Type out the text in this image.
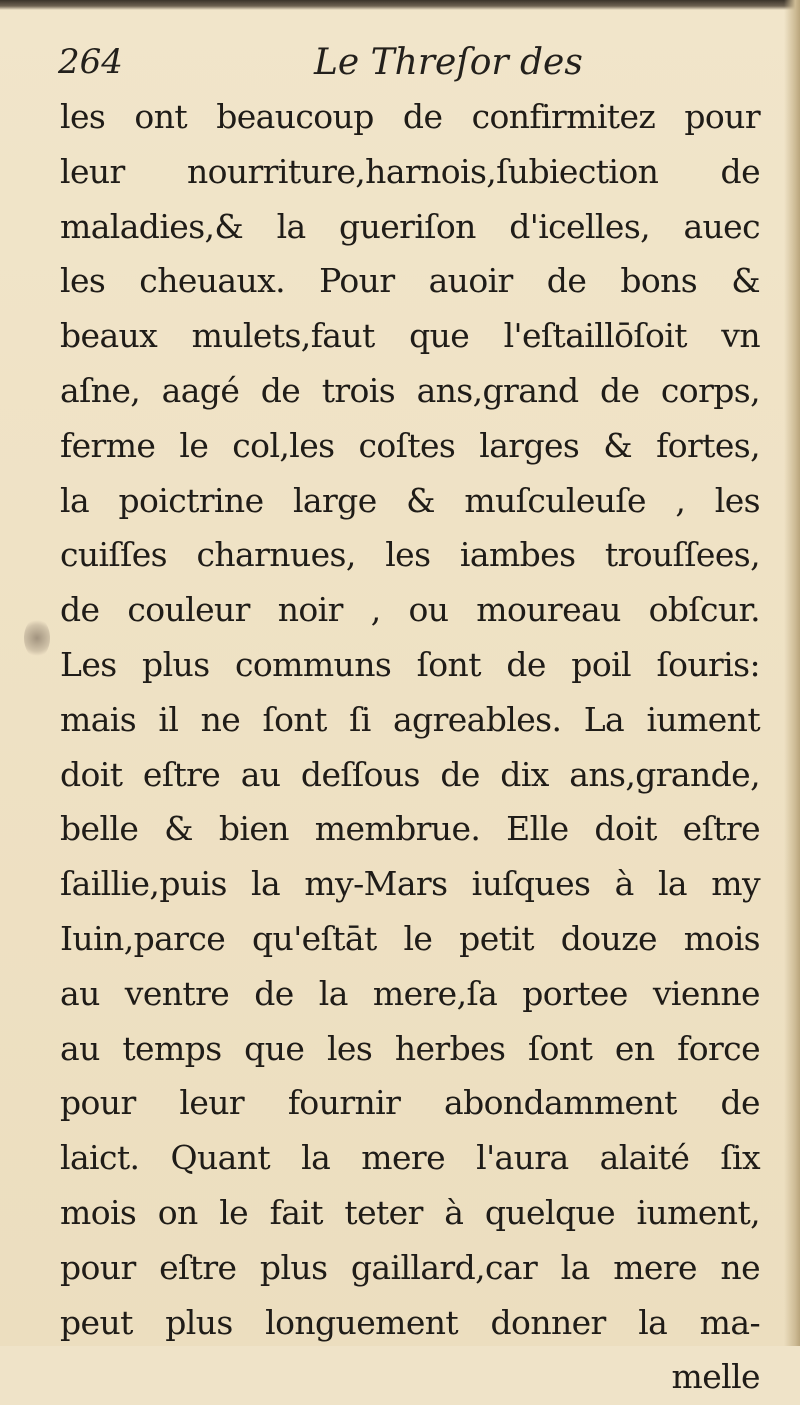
264	Le Threſor des
les ont beaucoup de confirmitez pour
leur nourriture,harnois,ſubiection de
maladies,& la gueriſon d'icelles, auec
les cheuaux. Pour auoir de bons &
beaux mulets,faut que l'eſtaillōſoit vn
aſne, aagé de trois ans,grand de corps,
ferme le col,les coſtes larges & fortes,
la poictrine large & muſculeuſe , les
cuiſſes charnues, les iambes trouſſees,
de couleur noir , ou moureau obſcur.
Les plus communs ſont de poil ſouris:
mais il ne ſont ſi agreables. La iument
doit eſtre au deſſous de dix ans,grande,
belle & bien membrue. Elle doit eſtre
ſaillie,puis la my-Mars iuſques à la my
Iuin,parce qu'eſtāt le petit douze mois
au ventre de la mere,ſa portee vienne
au temps que les herbes ſont en force
pour leur fournir abondamment de
laict. Quant la mere l'aura alaité ſix
mois on le fait teter à quelque iument,
pour eſtre plus gaillard,car la mere ne
peut plus longuement donner la ma-
melle
